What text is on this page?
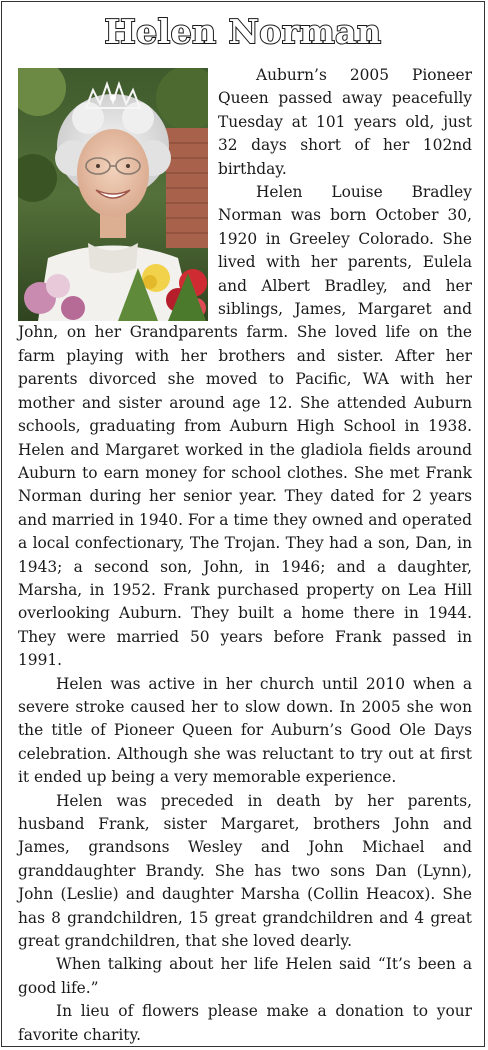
Helen Norman

Auburn’s 2005 Pioneer Queen passed away peacefully Tuesday at 101 years old, just 32 days short of her 102nd birthday.

Helen Louise Bradley Norman was born October 30, 1920 in Greeley Colorado. She lived with her parents, Eulela and Albert Bradley, and her siblings, James, Margaret and John, on her Grandparents farm. She loved life on the farm playing with her brothers and sister. After her parents divorced she moved to Pacific, WA with her mother and sister around age 12. She attended Auburn schools, graduating from Auburn High School in 1938. Helen and Margaret worked in the gladiola fields around Auburn to earn money for school clothes. She met Frank Norman during her senior year. They dated for 2 years and married in 1940. For a time they owned and operated a local confectionary, The Trojan. They had a son, Dan, in 1943; a second son, John, in 1946; and a daughter, Marsha, in 1952. Frank purchased property on Lea Hill overlooking Auburn. They built a home there in 1944. They were married 50 years before Frank passed in 1991.

Helen was active in her church until 2010 when a severe stroke caused her to slow down. In 2005 she won the title of Pioneer Queen for Auburn’s Good Ole Days celebration. Although she was reluctant to try out at first it ended up being a very memorable experience.

Helen was preceded in death by her parents, husband Frank, sister Margaret, brothers John and James, grandsons Wesley and John Michael and granddaughter Brandy. She has two sons Dan (Lynn), John (Leslie) and daughter Marsha (Collin Heacox). She has 8 grandchildren, 15 great grandchildren and 4 great great grandchildren, that she loved dearly.

When talking about her life Helen said “It’s been a good life.”

In lieu of flowers please make a donation to your favorite charity.
